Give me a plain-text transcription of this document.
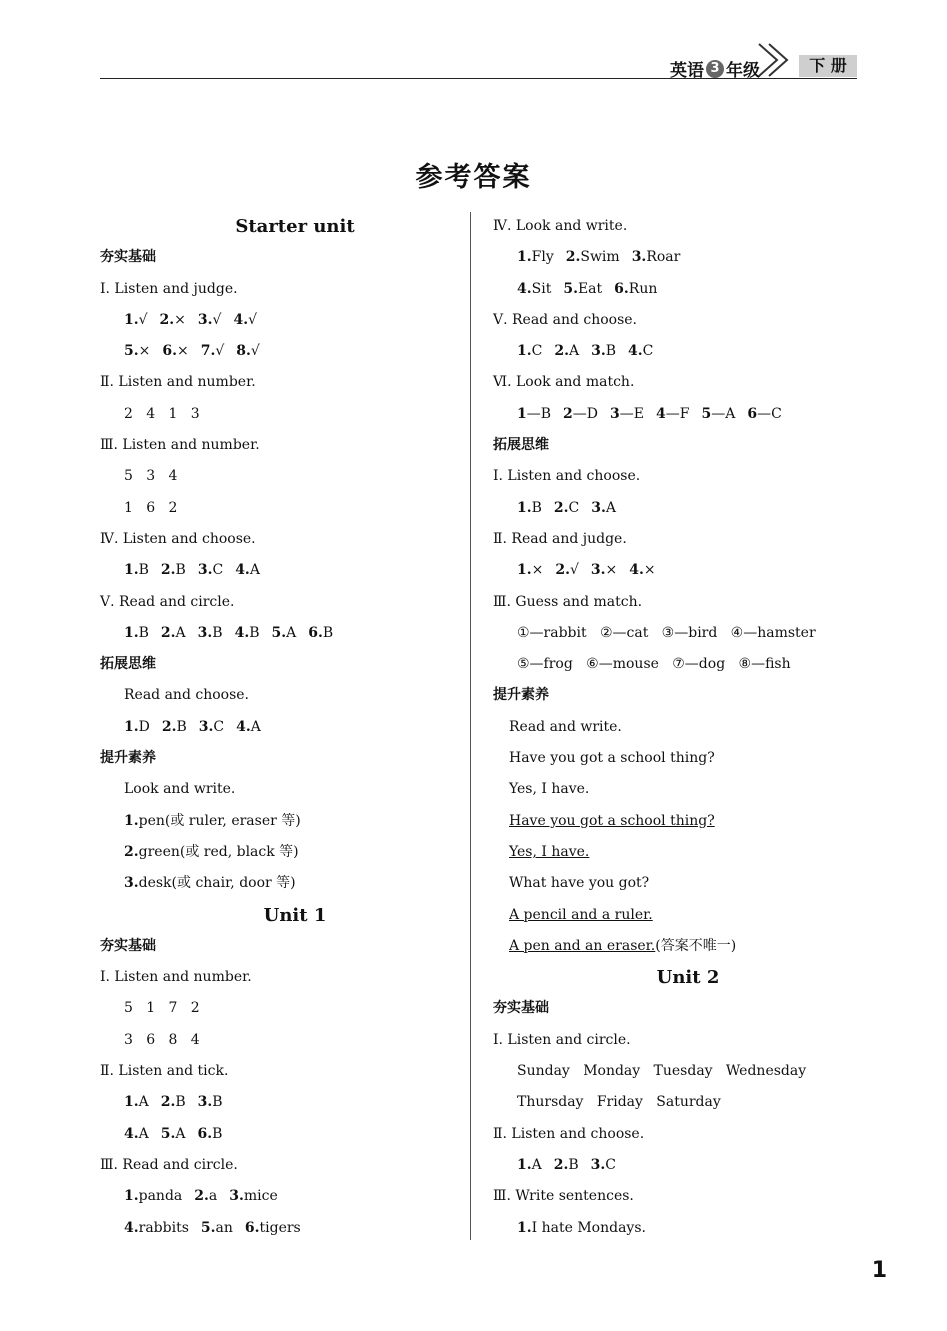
英语 3 年级	下 册
参考答案
Starter unit
夯实基础
Ⅰ. Listen and judge.
1.√ 2.× 3.√ 4.√
5.× 6.× 7.√ 8.√
Ⅱ. Listen and number.
2   4   1   3
Ⅲ. Listen and number.
5   3   4
1   6   2
Ⅳ. Listen and choose.
1.B 2.B 3.C 4.A
Ⅴ. Read and circle.
1.B 2.A 3.B 4.B 5.A 6.B
拓展思维
Read and choose.
1.D 2.B 3.C 4.A
提升素养
Look and write.
1.pen(或 ruler, eraser 等)
2.green(或 red, black 等)
3.desk(或 chair, door 等)
Unit 1
夯实基础
Ⅰ. Listen and number.
5   1   7   2
3   6   8   4
Ⅱ. Listen and tick.
1.A 2.B 3.B
4.A 5.A 6.B
Ⅲ. Read and circle.
1.panda 2.a 3.mice
4.rabbits 5.an 6.tigers
Ⅳ. Look and write.
1.Fly 2.Swim 3.Roar
4.Sit 5.Eat 6.Run
Ⅴ. Read and choose.
1.C 2.A 3.B 4.C
Ⅵ. Look and match.
1—B 2—D 3—E 4—F 5—A 6—C
拓展思维
Ⅰ. Listen and choose.
1.B 2.C 3.A
Ⅱ. Read and judge.
1.× 2.√ 3.× 4.×
Ⅲ. Guess and match.
①—rabbit   ②—cat   ③—bird   ④—hamster
⑤—frog   ⑥—mouse   ⑦—dog   ⑧—fish
提升素养
Read and write.
Have you got a school thing?
Yes, I have.
Have you got a school thing?
Yes, I have.
What have you got?
A pencil and a ruler.
A pen and an eraser.(答案不唯一)
Unit 2
夯实基础
Ⅰ. Listen and circle.
Sunday   Monday   Tuesday   Wednesday
Thursday   Friday   Saturday
Ⅱ. Listen and choose.
1.A 2.B 3.C
Ⅲ. Write sentences.
1.I hate Mondays.
1
